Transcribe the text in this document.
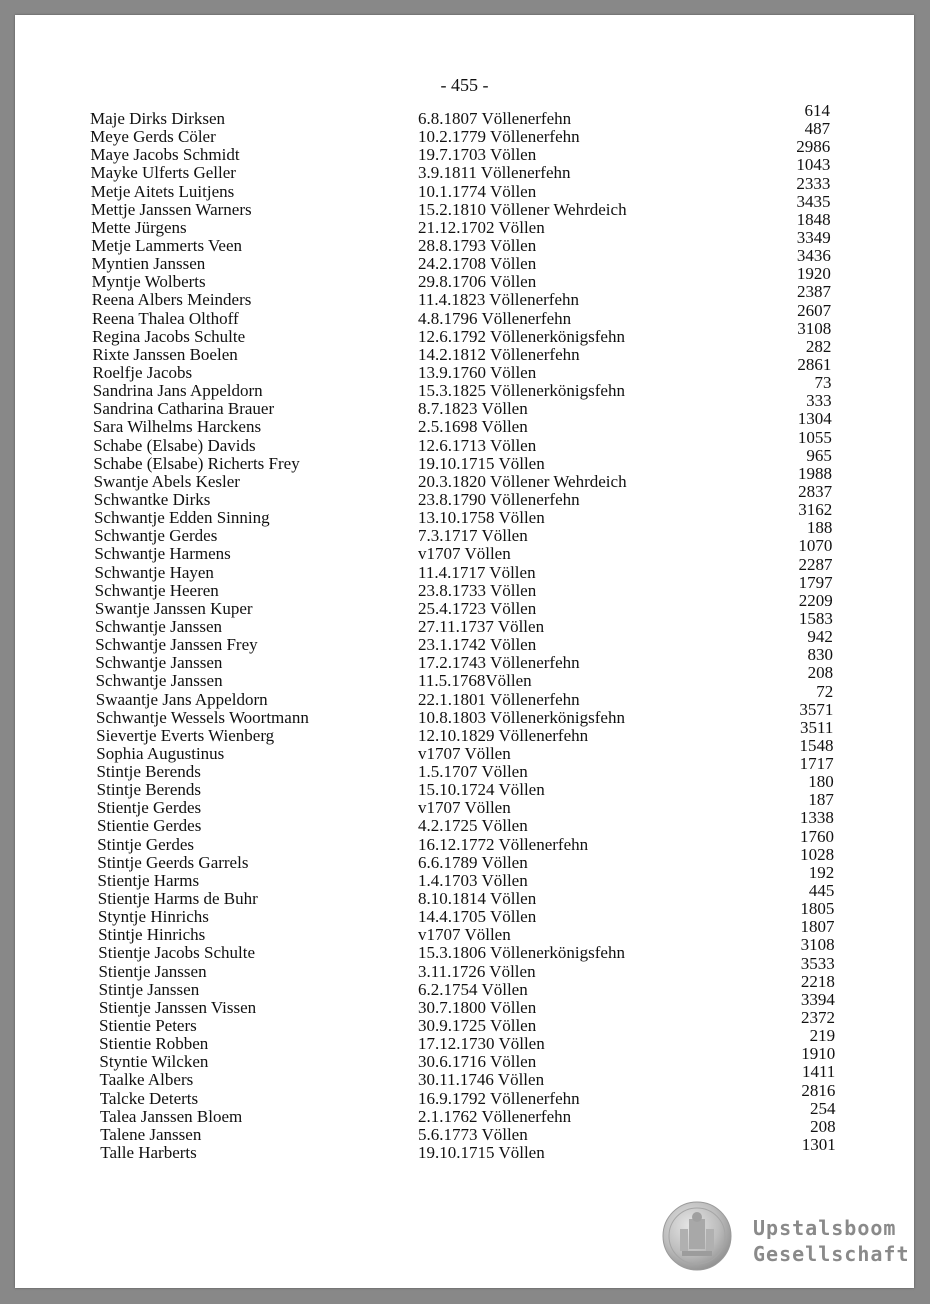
- 455 -
Maje Dirks Dirksen	6.8.1807 Völlenerfehn	614
Meye Gerds Cöler	10.2.1779 Völlenerfehn	487
Maye Jacobs Schmidt	19.7.1703 Völlen	2986
Mayke Ulferts Geller	3.9.1811 Völlenerfehn	1043
Metje Aitets Luitjens	10.1.1774 Völlen	2333
Mettje Janssen Warners	15.2.1810 Völlener Wehrdeich	3435
Mette Jürgens	21.12.1702 Völlen	1848
Metje Lammerts Veen	28.8.1793 Völlen	3349
Myntien Janssen	24.2.1708 Völlen	3436
Myntje Wolberts	29.8.1706 Völlen	1920
Reena Albers Meinders	11.4.1823 Völlenerfehn	2387
Reena Thalea Olthoff	4.8.1796 Völlenerfehn	2607
Regina Jacobs Schulte	12.6.1792 Völlenerkönigsfehn	3108
Rixte Janssen Boelen	14.2.1812 Völlenerfehn	282
Roelfje Jacobs	13.9.1760 Völlen	2861
Sandrina Jans Appeldorn	15.3.1825 Völlenerkönigsfehn	73
Sandrina Catharina Brauer	8.7.1823 Völlen	333
Sara Wilhelms Harckens	2.5.1698 Völlen	1304
Schabe (Elsabe) Davids	12.6.1713 Völlen	1055
Schabe (Elsabe) Richerts Frey	19.10.1715 Völlen	965
Swantje Abels Kesler	20.3.1820 Völlener Wehrdeich	1988
Schwantke Dirks	23.8.1790 Völlenerfehn	2837
Schwantje Edden Sinning	13.10.1758 Völlen	3162
Schwantje Gerdes	7.3.1717 Völlen	188
Schwantje Harmens	v1707 Völlen	1070
Schwantje Hayen	11.4.1717 Völlen	2287
Schwantje Heeren	23.8.1733 Völlen	1797
Swantje Janssen Kuper	25.4.1723 Völlen	2209
Schwantje Janssen	27.11.1737 Völlen	1583
Schwantje Janssen Frey	23.1.1742 Völlen	942
Schwantje Janssen	17.2.1743 Völlenerfehn	830
Schwantje Janssen	11.5.1768Völlen	208
Swaantje Jans Appeldorn	22.1.1801 Völlenerfehn	72
Schwantje Wessels Woortmann	10.8.1803 Völlenerkönigsfehn	3571
Sievertje Everts Wienberg	12.10.1829 Völlenerfehn	3511
Sophia Augustinus	v1707 Völlen	1548
Stintje Berends	1.5.1707 Völlen	1717
Stintje Berends	15.10.1724 Völlen	180
Stientje Gerdes	v1707 Völlen	187
Stientie Gerdes	4.2.1725 Völlen	1338
Stintje Gerdes	16.12.1772 Völlenerfehn	1760
Stintje Geerds Garrels	6.6.1789 Völlen	1028
Stientje Harms	1.4.1703 Völlen	192
Stientje Harms de Buhr	8.10.1814 Völlen	445
Styntje Hinrichs	14.4.1705 Völlen	1805
Stintje Hinrichs	v1707 Völlen	1807
Stientje Jacobs Schulte	15.3.1806 Völlenerkönigsfehn	3108
Stientje Janssen	3.11.1726 Völlen	3533
Stintje Janssen	6.2.1754 Völlen	2218
Stientje Janssen Vissen	30.7.1800 Völlen	3394
Stientie Peters	30.9.1725 Völlen	2372
Stientie Robben	17.12.1730 Völlen	219
Styntie Wilcken	30.6.1716 Völlen	1910
Taalke Albers	30.11.1746 Völlen	1411
Talcke Deterts	16.9.1792 Völlenerfehn	2816
Talea Janssen Bloem	2.1.1762 Völlenerfehn	254
Talene Janssen	5.6.1773 Völlen	208
Talle Harberts	19.10.1715 Völlen	1301
Upstalsboom
Gesellschaft
